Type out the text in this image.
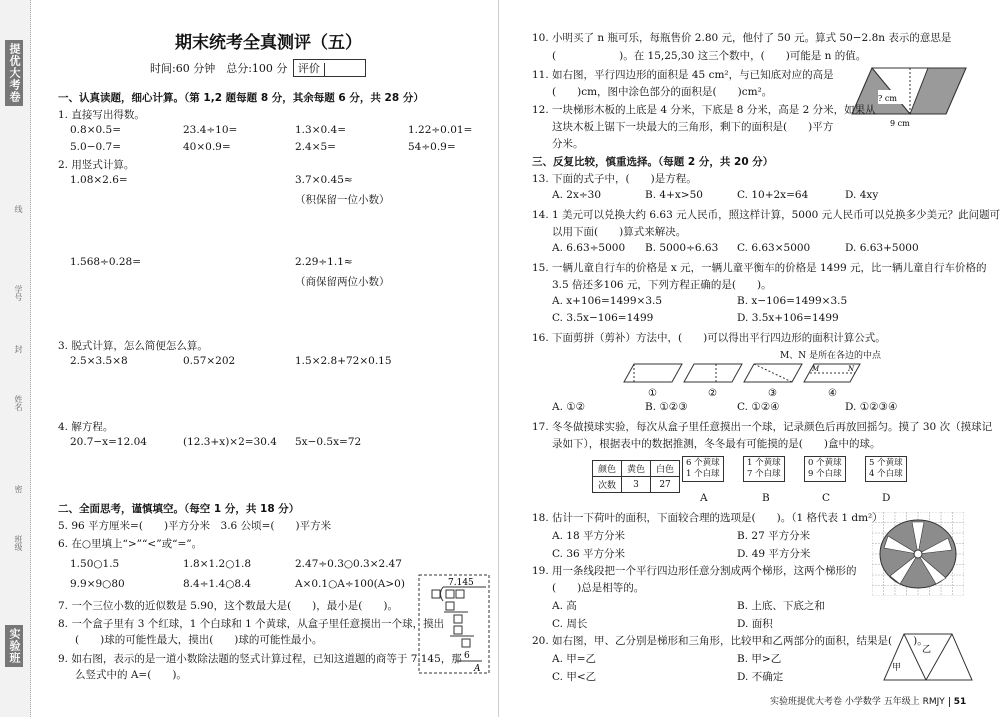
提优大考卷
线
学号
封
姓名
密
班级
实验班
期末统考全真测评（五）
时间:60 分钟　总分:100 分 评价
一、认真读题，细心计算。（第 1,2 题每题 8 分，其余每题 6 分，共 28 分）
1. 直接写出得数。
0.8×0.5=	23.4÷10=	1.3×0.4=	1.22÷0.01=
5.0−0.7=	40×0.9=	2.4×5=	54÷0.9=
2. 用竖式计算。
1.08×2.6=	3.7×0.45≈
（积保留一位小数）
1.568÷0.28=	2.29÷1.1≈
（商保留两位小数）
3. 脱式计算，怎么简便怎么算。
2.5×3.5×8	0.57×202	1.5×2.8+72×0.15
4. 解方程。
20.7−x=12.04	(12.3+x)×2=30.4 5x−0.5x=72
二、全面思考，谨慎填空。（每空 1 分，共 18 分）
5. 96 平方厘米=(　　)平方分米　3.6 公顷=(　　)平方米
6. 在○里填上“>”“<”或“=”。
1.5̇0○1.5̇	1.8×1.2○1.8	2.47÷0.3○0.3×2.47
9.9×9○80	8.4÷1.4○8.4	A×0.1○A÷100(A>0)
7. 一个三位小数的近似数是 5.90，这个数最大是(　　)，最小是(　　)。
8. 一个盒子里有 3 个红球，1 个白球和 1 个黄球，从盒子里任意摸出一个球，摸出
(　　)球的可能性最大，摸出(　　)球的可能性最小。
9. 如右图，表示的是一道小数除法题的竖式计算过程，已知这道题的商等于 7.145，那
么竖式中的 A=(　　)。
7.145
6
A
10. 小明买了 n 瓶可乐，每瓶售价 2.80 元，他付了 50 元。算式 50−2.8n 表示的意思是
(　　　　　　)。在 15,25,30 这三个数中，(　　)可能是 n 的值。
11. 如右图，平行四边形的面积是 45 cm²，与已知底对应的高是
(　　)cm，图中涂色部分的面积是(　　)cm²。
? cm
9 cm
12. 一块梯形木板的上底是 4 分米，下底是 8 分米，高是 2 分米，如果从
这块木板上锯下一块最大的三角形，剩下的面积是(　　)平方
分米。
三、反复比较，慎重选择。（每题 2 分，共 20 分）
13. 下面的式子中，(　　)是方程。
A. 2x÷30	B. 4+x>50	C. 10+2x=64	D. 4xy
14. 1 美元可以兑换大约 6.63 元人民币，照这样计算，5000 元人民币可以兑换多少美元？此问题可
以用下面(　　)算式来解决。
A. 6.63÷5000 B. 5000÷6.63 C. 6.63×5000	D. 6.63+5000
15. 一辆儿童自行车的价格是 x 元，一辆儿童平衡车的价格是 1499 元，比一辆儿童自行车价格的
3.5 倍还多106 元，下列方程正确的是(　　)。
A. x+106=1499×3.5	B. x−106=1499×3.5
C. 3.5x−106=1499	D. 3.5x+106=1499
16. 下面剪拼（剪补）方法中，(　　)可以得出平行四边形的面积计算公式。
M、N 是所在各边的中点
①	②	③
M	N
④
A. ①②	B. ①②③	C. ①②④	D. ①②③④
17. 冬冬做摸球实验，每次从盒子里任意摸出一个球，记录颜色后再放回摇匀。摸了 30 次（摸球记
录如下），根据表中的数据推测，冬冬最有可能摸的是(　　)盒中的球。
颜色	黄色	白色
次数	3	27
6 个黄球
1 个白球
A
1 个黄球
7 个白球
B
0 个黄球
9 个白球
C
5 个黄球
4 个白球
D
18. 估计一下荷叶的面积，下面较合理的选项是(　　)。（1 格代表 1 dm²）
A. 18 平方分米	B. 27 平方分米
C. 36 平方分米	D. 49 平方分米
19. 用一条线段把一个平行四边形任意分割成两个梯形，这两个梯形的
(　　)总是相等的。
A. 高	B. 上底、下底之和
C. 周长	D. 面积
20. 如右图，甲、乙分别是梯形和三角形，比较甲和乙两部分的面积，结果是(　　)。
A. 甲=乙	B. 甲>乙
C. 甲<乙	D. 不确定
甲
乙
实验班提优大考卷 小学数学 五年级上 RMJY 51
